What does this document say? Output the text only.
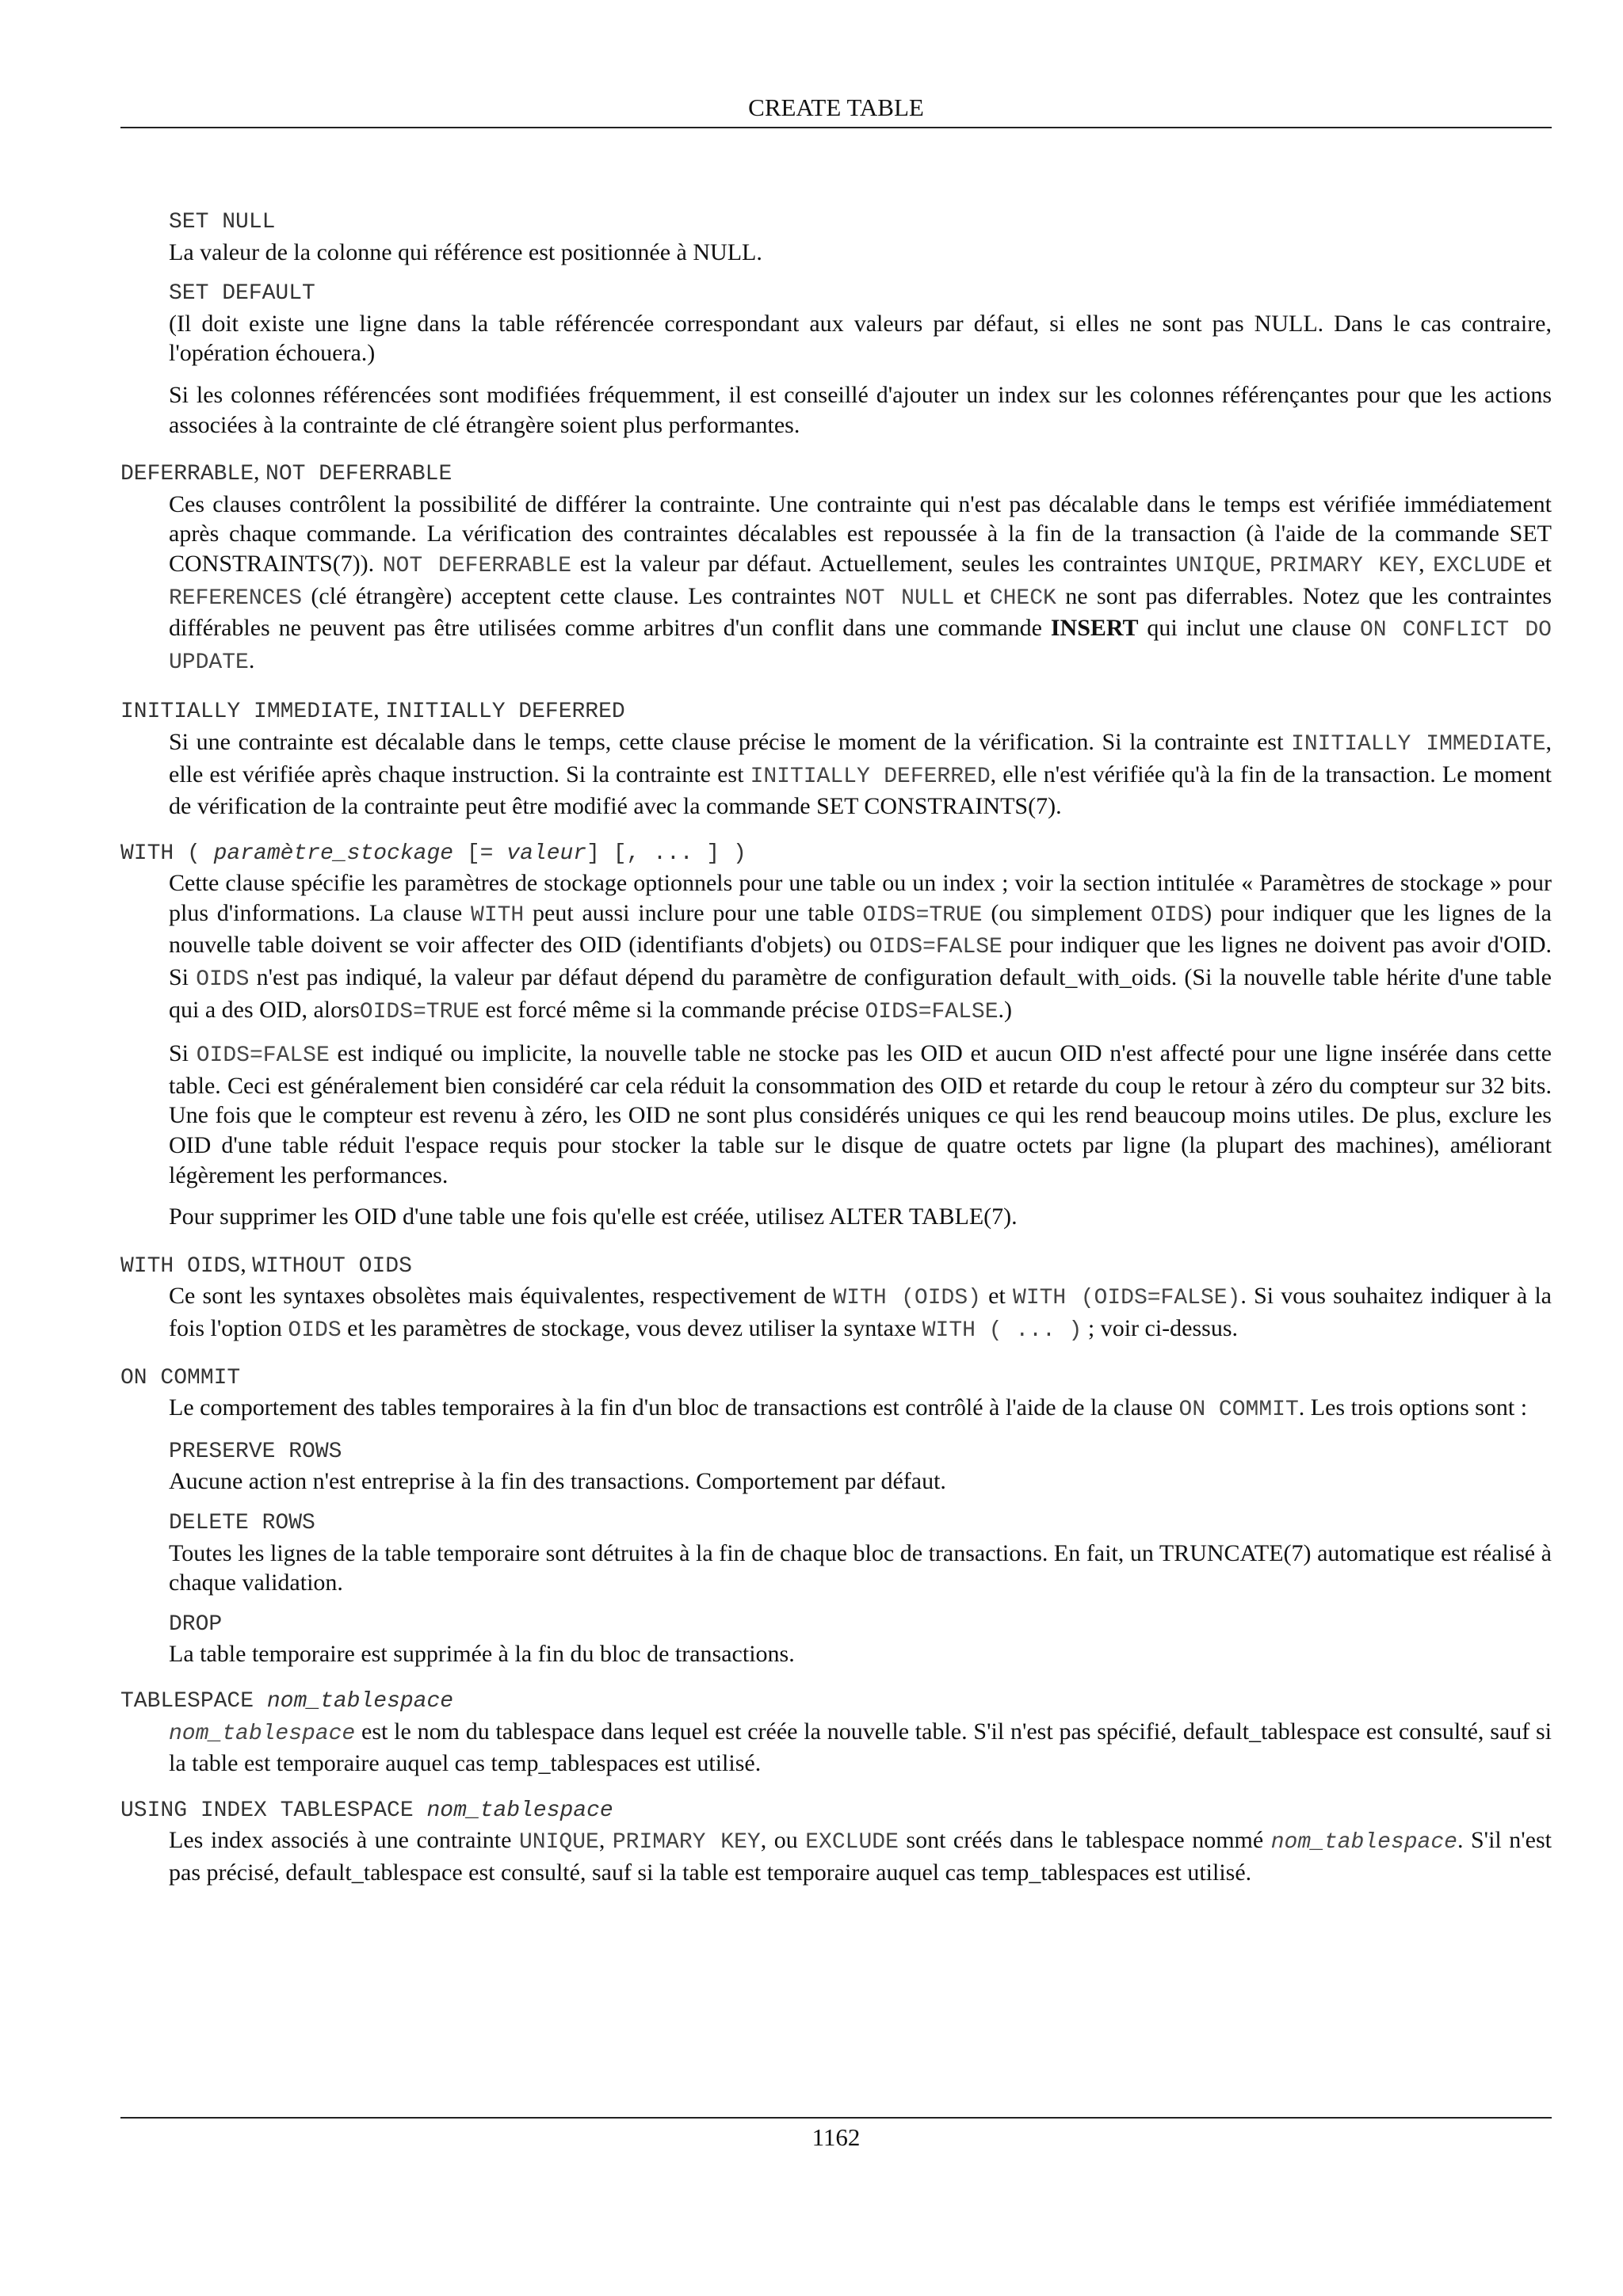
CREATE TABLE
SET NULL
La valeur de la colonne qui référence est positionnée à NULL.
SET DEFAULT
(Il doit existe une ligne dans la table référencée correspondant aux valeurs par défaut, si elles ne sont pas NULL. Dans le cas contraire, l'opération échouera.)
Si les colonnes référencées sont modifiées fréquemment, il est conseillé d'ajouter un index sur les colonnes référençantes pour que les actions associées à la contrainte de clé étrangère soient plus performantes.
DEFERRABLE, NOT DEFERRABLE

Ces clauses contrôlent la possibilité de différer la contrainte. Une contrainte qui n'est pas décalable dans le temps est vérifiée immédiatement après chaque commande. La vérification des contraintes décalables est repoussée à la fin de la transaction (à l'aide de la commande SET CONSTRAINTS(7)). NOT DEFERRABLE est la valeur par défaut. Actuellement, seules les contraintes UNIQUE, PRIMARY KEY, EXCLUDE et REFERENCES (clé étrangère) acceptent cette clause. Les contraintes NOT NULL et CHECK ne sont pas diferrables. Notez que les contraintes différables ne peuvent pas être utilisées comme arbitres d'un conflit dans une commande INSERT qui inclut une clause ON CONFLICT DO UPDATE.

INITIALLY IMMEDIATE, INITIALLY DEFERRED

Si une contrainte est décalable dans le temps, cette clause précise le moment de la vérification. Si la contrainte est INITIALLY IMMEDIATE, elle est vérifiée après chaque instruction. Si la contrainte est INITIALLY DEFERRED, elle n'est vérifiée qu'à la fin de la transaction. Le moment de vérification de la contrainte peut être modifié avec la commande SET CONSTRAINTS(7).

WITH ( paramètre_stockage [= valeur] [, ... ] )

Cette clause spécifie les paramètres de stockage optionnels pour une table ou un index ; voir la section intitulée « Paramètres de stockage » pour plus d'informations. La clause WITH peut aussi inclure pour une table OIDS=TRUE (ou simplement OIDS) pour indiquer que les lignes de la nouvelle table doivent se voir affecter des OID (identifiants d'objets) ou OIDS=FALSE pour indiquer que les lignes ne doivent pas avoir d'OID. Si OIDS n'est pas indiqué, la valeur par défaut dépend du paramètre de configuration default_with_oids. (Si la nouvelle table hérite d'une table qui a des OID, alorsOIDS=TRUE est forcé même si la commande précise OIDS=FALSE.)

Si OIDS=FALSE est indiqué ou implicite, la nouvelle table ne stocke pas les OID et aucun OID n'est affecté pour une ligne insérée dans cette table. Ceci est généralement bien considéré car cela réduit la consommation des OID et retarde du coup le retour à zéro du compteur sur 32 bits. Une fois que le compteur est revenu à zéro, les OID ne sont plus considérés uniques ce qui les rend beaucoup moins utiles. De plus, exclure les OID d'une table réduit l'espace requis pour stocker la table sur le disque de quatre octets par ligne (la plupart des machines), améliorant légèrement les performances.

Pour supprimer les OID d'une table une fois qu'elle est créée, utilisez ALTER TABLE(7).

WITH OIDS, WITHOUT OIDS

Ce sont les syntaxes obsolètes mais équivalentes, respectivement de WITH (OIDS) et WITH (OIDS=FALSE). Si vous souhaitez indiquer à la fois l'option OIDS et les paramètres de stockage, vous devez utiliser la syntaxe WITH ( ... ) ; voir ci-dessus.

ON COMMIT

Le comportement des tables temporaires à la fin d'un bloc de transactions est contrôlé à l'aide de la clause ON COMMIT. Les trois options sont :

PRESERVE ROWS
Aucune action n'est entreprise à la fin des transactions. Comportement par défaut.
DELETE ROWS
Toutes les lignes de la table temporaire sont détruites à la fin de chaque bloc de transactions. En fait, un TRUNCATE(7) automatique est réalisé à chaque validation.
DROP
La table temporaire est supprimée à la fin du bloc de transactions.
TABLESPACE nom_tablespace

nom_tablespace est le nom du tablespace dans lequel est créée la nouvelle table. S'il n'est pas spécifié, default_tablespace est consulté, sauf si la table est temporaire auquel cas temp_tablespaces est utilisé.

USING INDEX TABLESPACE nom_tablespace

Les index associés à une contrainte UNIQUE, PRIMARY KEY, ou EXCLUDE sont créés dans le tablespace nommé nom_tablespace. S'il n'est pas précisé, default_tablespace est consulté, sauf si la table est temporaire auquel cas temp_tablespaces est utilisé.

1162
